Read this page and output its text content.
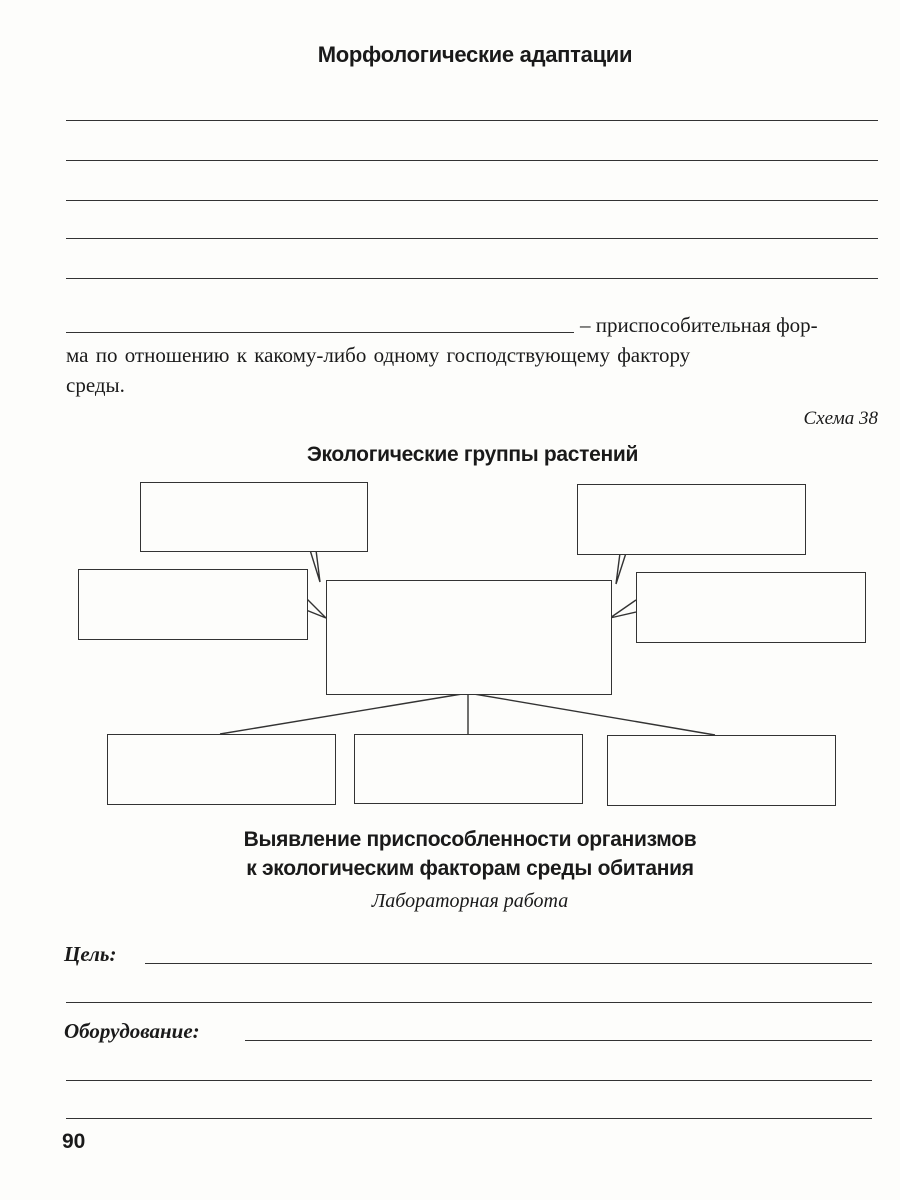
Морфологические адаптации
– приспособительная фор-
ма по отношению к какому-либо одному господствующему фактору
среды.
Схема 38
Экологические группы растений
Выявление приспособленности организмов
к экологическим факторам среды обитания
Лабораторная работа
Цель:
Оборудование:
90
